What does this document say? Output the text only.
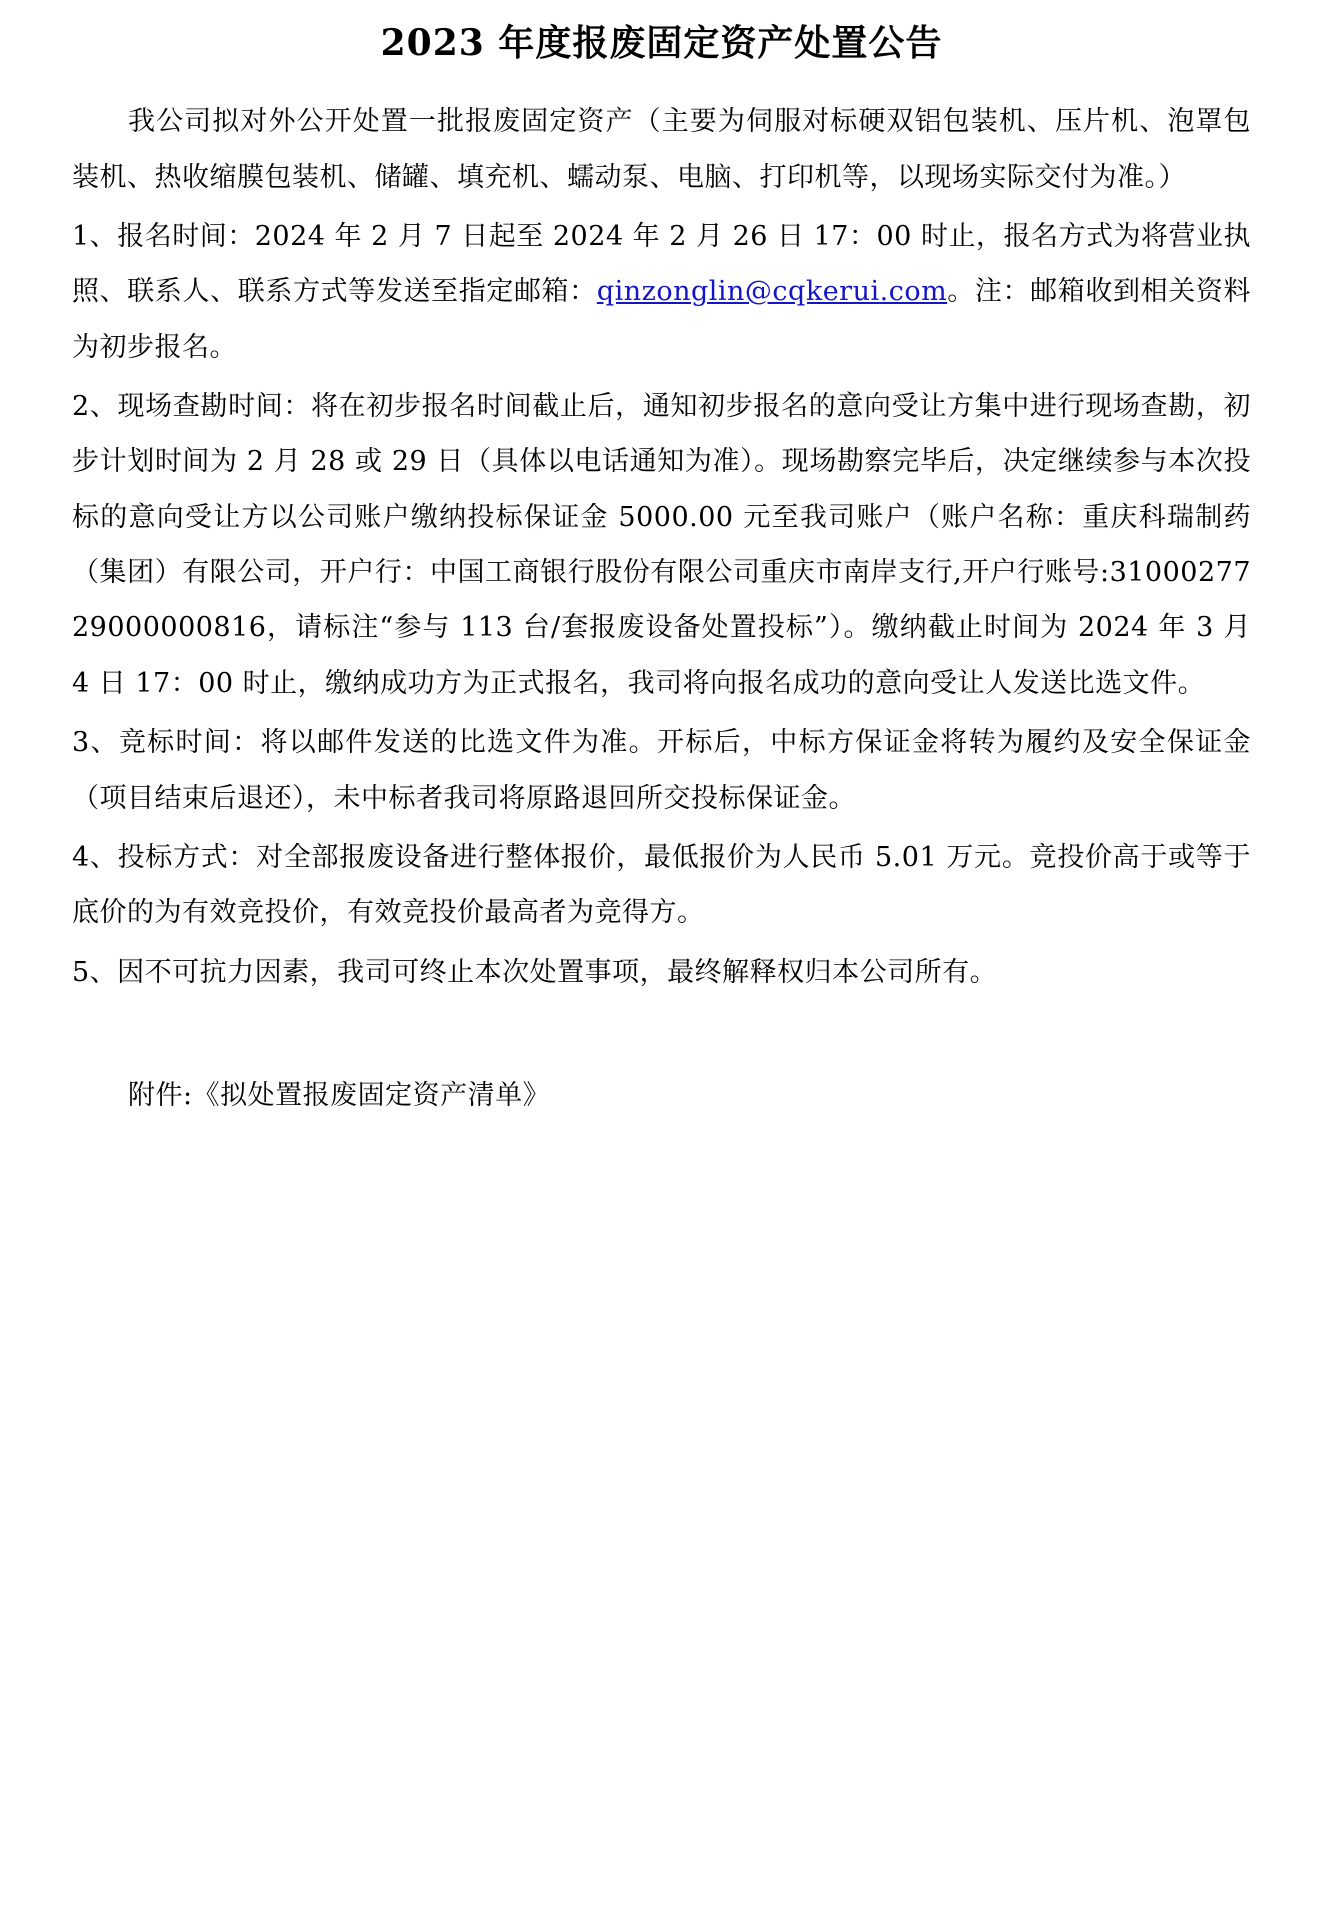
2023 年度报废固定资产处置公告

我公司拟对外公开处置一批报废固定资产（主要为伺服对标硬双铝包装机、压片机、泡罩包装机、热收缩膜包装机、储罐、填充机、蠕动泵、电脑、打印机等，以现场实际交付为准。）

1、报名时间：2024 年 2 月 7 日起至 2024 年 2 月 26 日 17：00 时止，报名方式为将营业执照、联系人、联系方式等发送至指定邮箱：qinzonglin@cqkerui.com。注：邮箱收到相关资料为初步报名。

2、现场查勘时间：将在初步报名时间截止后，通知初步报名的意向受让方集中进行现场查勘，初步计划时间为 2 月 28 或 29 日（具体以电话通知为准）。现场勘察完毕后，决定继续参与本次投标的意向受让方以公司账户缴纳投标保证金 5000.00 元至我司账户（账户名称：重庆科瑞制药（集团）有限公司，开户行：中国工商银行股份有限公司重庆市南岸支行,开户行账号:3100027729000000816，请标注“参与 113 台/套报废设备处置投标”）。缴纳截止时间为 2024 年 3 月 4 日 17：00 时止，缴纳成功方为正式报名，我司将向报名成功的意向受让人发送比选文件。

3、竞标时间：将以邮件发送的比选文件为准。开标后，中标方保证金将转为履约及安全保证金（项目结束后退还），未中标者我司将原路退回所交投标保证金。

4、投标方式：对全部报废设备进行整体报价，最低报价为人民币 5.01 万元。竞投价高于或等于底价的为有效竞投价，有效竞投价最高者为竞得方。

5、因不可抗力因素，我司可终止本次处置事项，最终解释权归本公司所有。

附件:《拟处置报废固定资产清单》
